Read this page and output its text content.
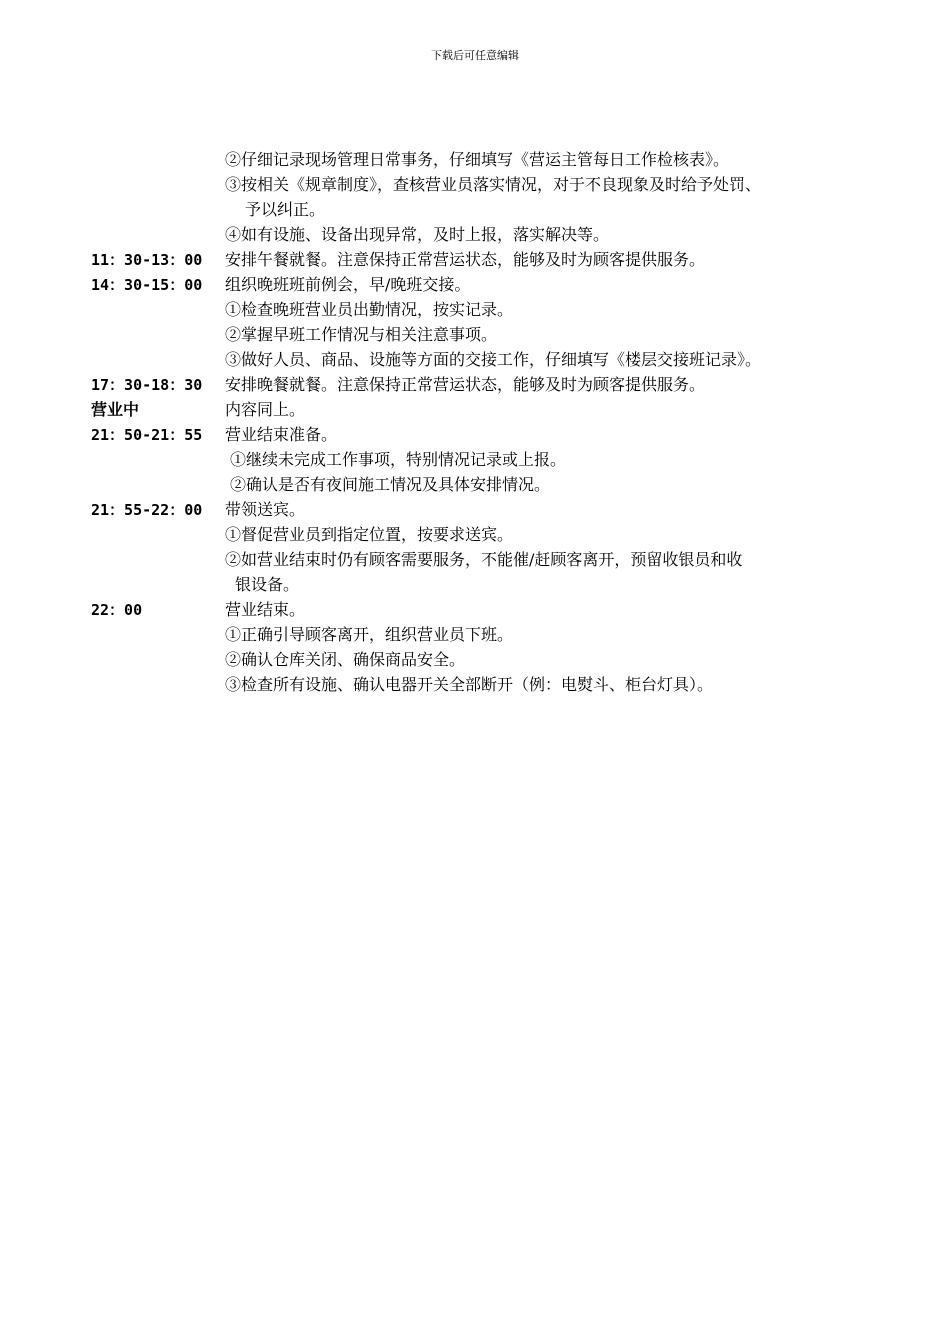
下载后可任意编辑
②仔细记录现场管理日常事务，仔细填写《营运主管每日工作检核表》。
③按相关《规章制度》，查核营业员落实情况，对于不良现象及时给予处罚、
予以纠正。
④如有设施、设备出现异常，及时上报，落实解决等。
11：30-13：00 安排午餐就餐。注意保持正常营运状态，能够及时为顾客提供服务。
14：30-15：00 组织晚班班前例会，早/晚班交接。
①检查晚班营业员出勤情况，按实记录。
②掌握早班工作情况与相关注意事项。
③做好人员、商品、设施等方面的交接工作，仔细填写《楼层交接班记录》。
17：30-18：30 安排晚餐就餐。注意保持正常营运状态，能够及时为顾客提供服务。
营业中	内容同上。
21：50-21：55 营业结束准备。
①继续未完成工作事项，特别情况记录或上报。
②确认是否有夜间施工情况及具体安排情况。
21：55-22：00 带领送宾。
①督促营业员到指定位置，按要求送宾。
②如营业结束时仍有顾客需要服务，不能催/赶顾客离开，预留收银员和收
银设备。
22：00	营业结束。
①正确引导顾客离开，组织营业员下班。
②确认仓库关闭、确保商品安全。
③检查所有设施、确认电器开关全部断开（例：电熨斗、柜台灯具）。
